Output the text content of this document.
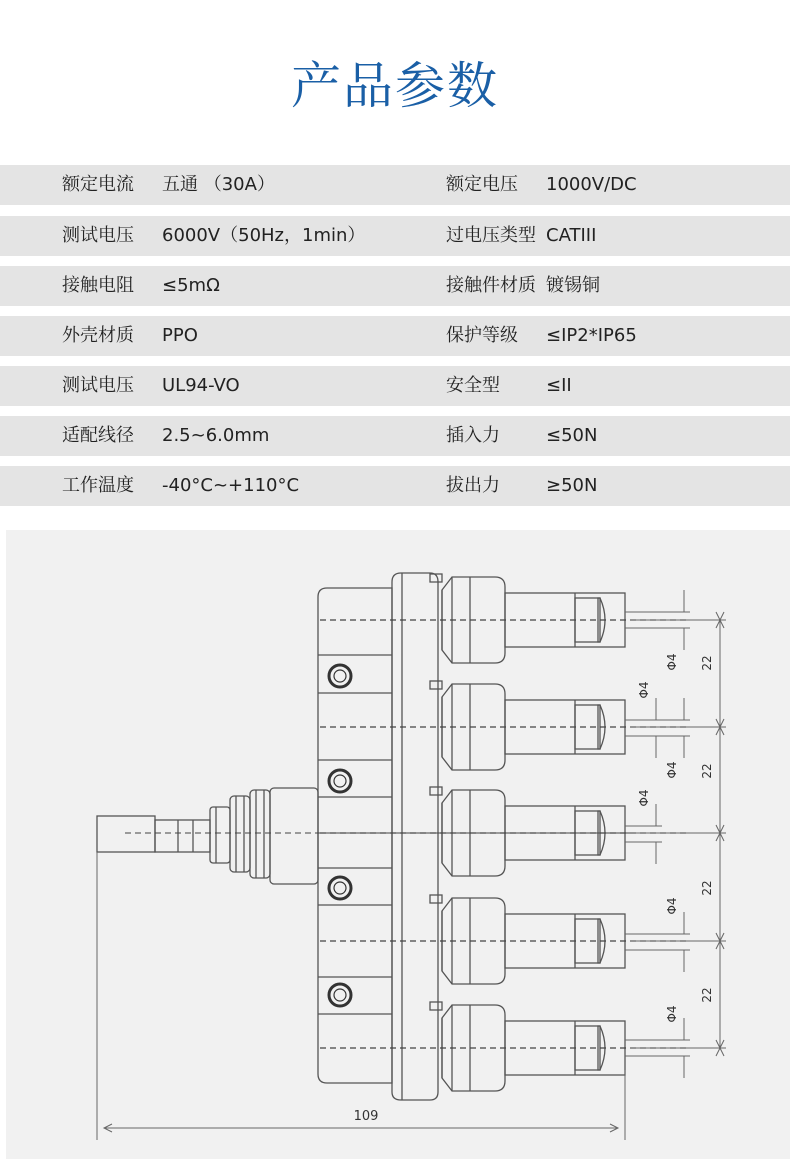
产品参数
额定电流 五通 （30A）	额定电压 1000V/DC
测试电压 6000V（50Hz，1min）	过电压类型 CATIII
接触电阻 ≤5mΩ	接触件材质 镀锡铜
外壳材质 PPO	保护等级 ≤IP2*IP65
测试电压 UL94-VO	安全型	≤II
适配线径 2.5~6.0mm	插入力	≤50N
工作温度 -40°C~+110°C	拔出力	≥50N
22
22
22
22
Φ4
Φ4
Φ4
Φ4
Φ4
Φ4
109
